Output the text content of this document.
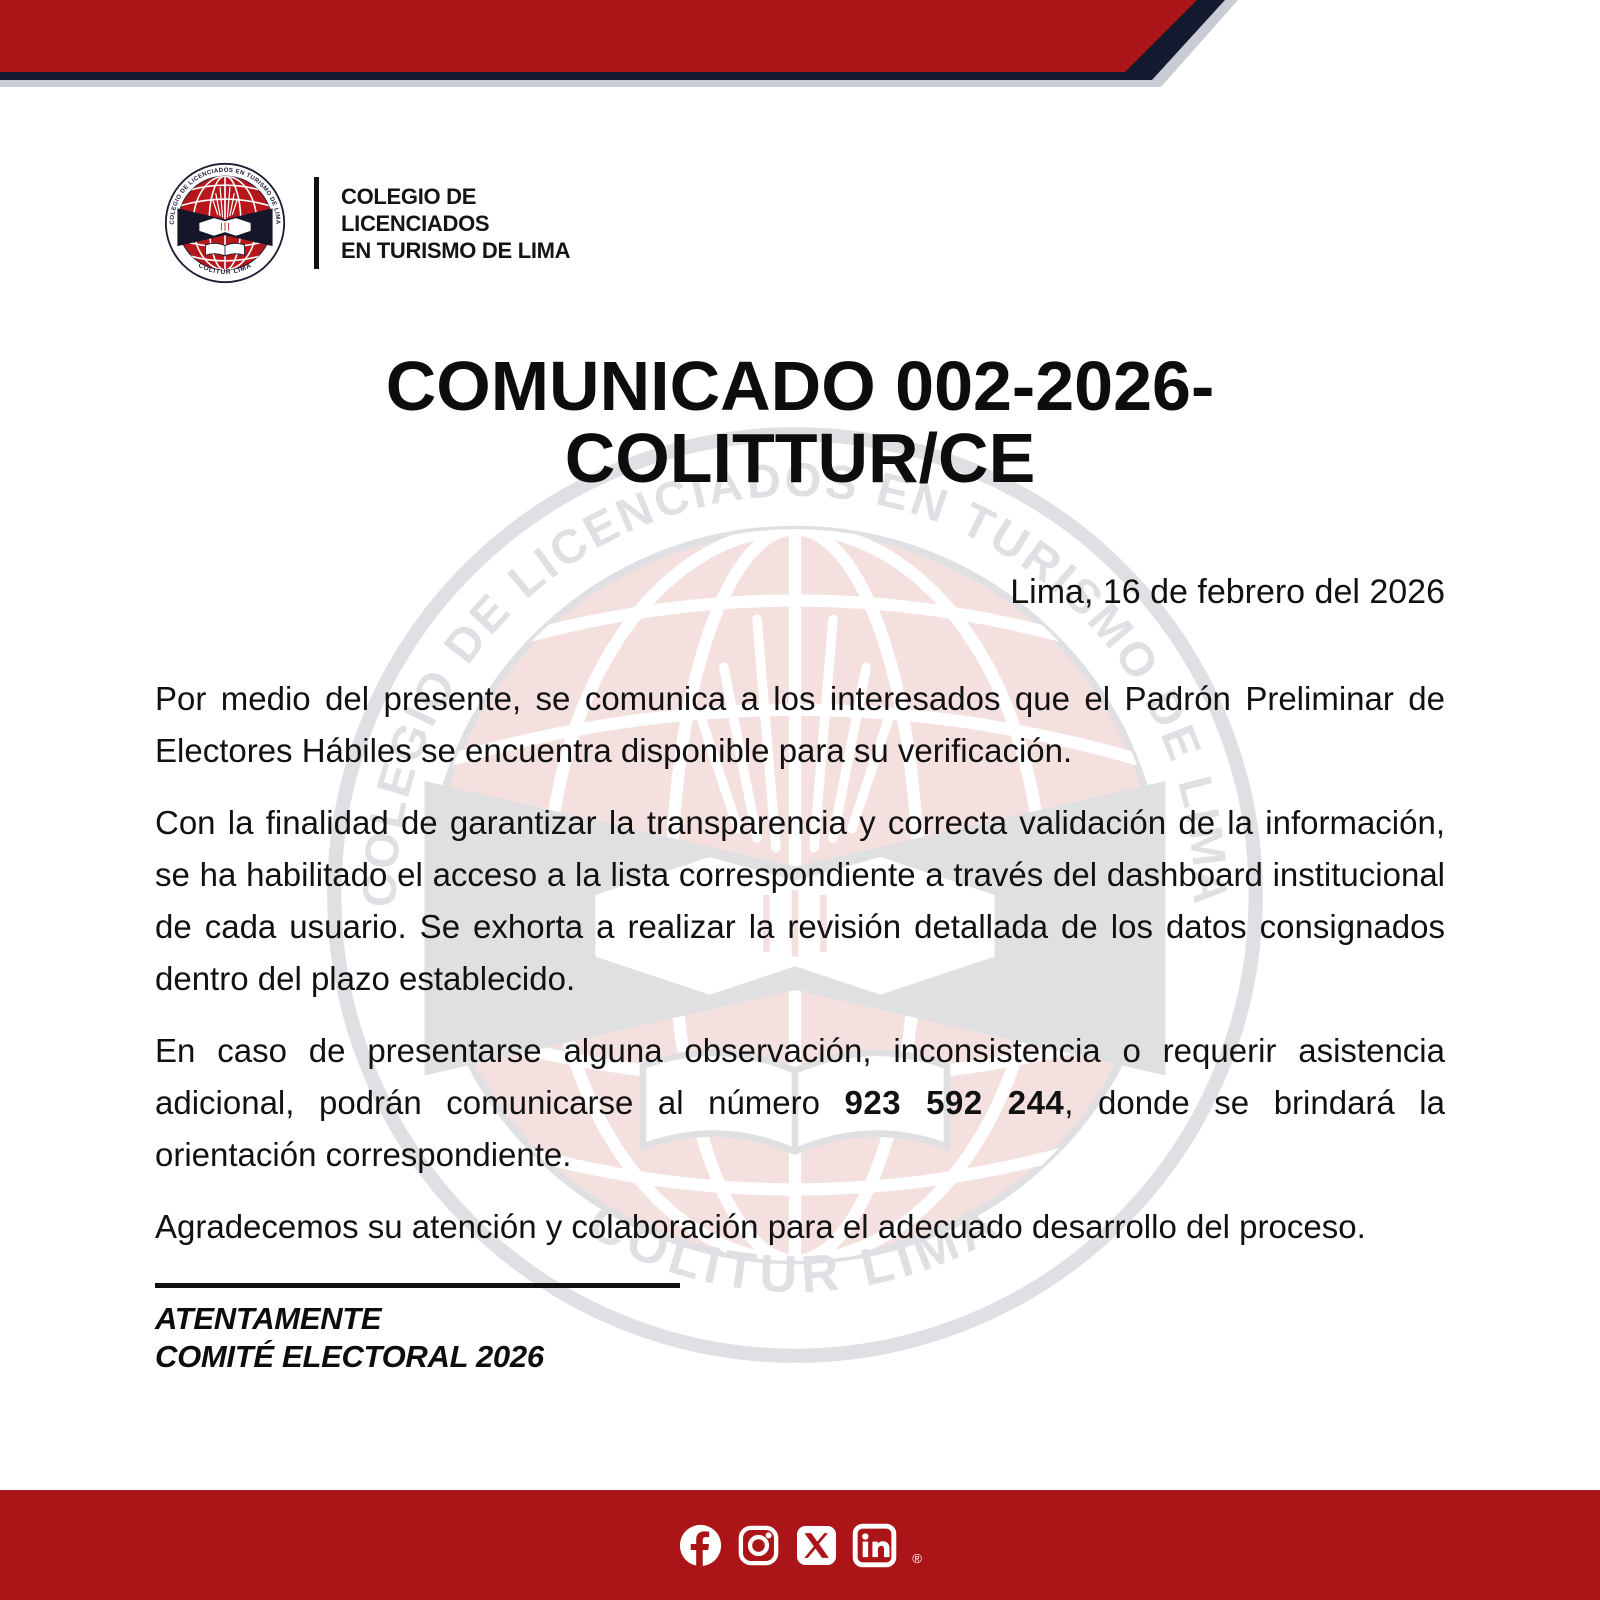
COLEGIO DE
LICENCIADOS
EN TURISMO DE LIMA
COMUNICADO 002-2026-
COLITTUR/CE
Lima, 16 de febrero del 2026

Por medio del presente, se comunica a los interesados que el Padrón Preliminar de Electores Hábiles se encuentra disponible para su verificación.

Con la finalidad de garantizar la transparencia y correcta validación de la información, se ha habilitado el acceso a la lista correspondiente a través del dashboard institucional de cada usuario. Se exhorta a realizar la revisión detallada de los datos consignados dentro del plazo establecido.

En caso de presentarse alguna observación, inconsistencia o requerir asistencia adicional, podrán comunicarse al número 923 592 244, donde se brindará la orientación correspondiente.

Agradecemos su atención y colaboración para el adecuado desarrollo del proceso.

ATENTAMENTE
COMITÉ ELECTORAL 2026
®
